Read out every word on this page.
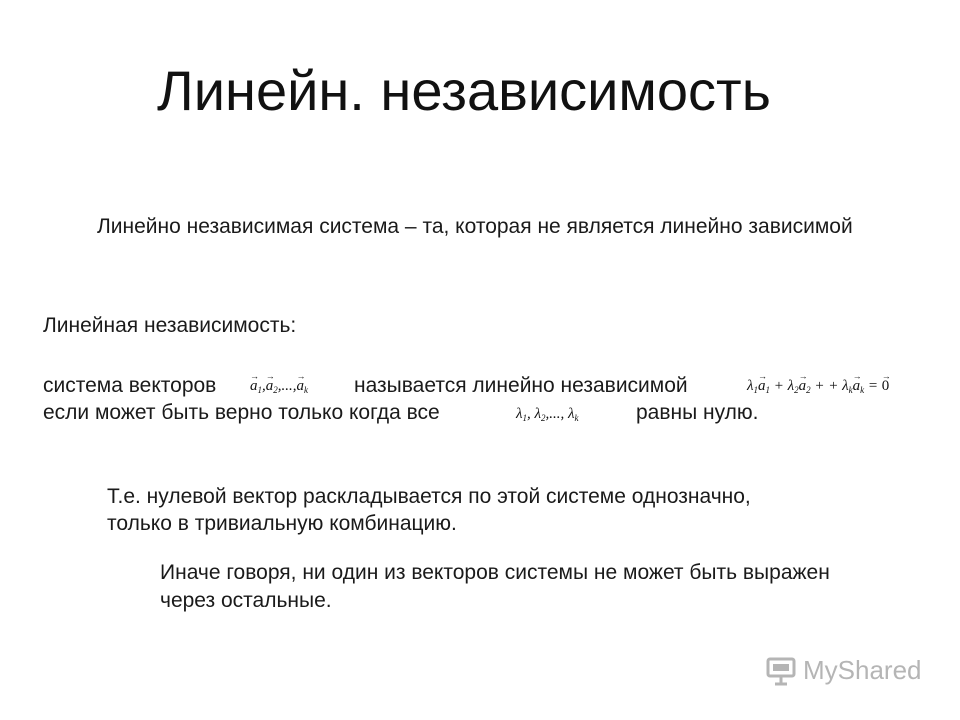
Линейн. независимость
Линейно независимая система – та, которая не является линейно зависимой
Линейная независимость:
система векторов
→ $a_1,\to a_2,...,\to a_k$ называется линейно независимой	$\lambda_1\to a_1 + \lambda_2\to a_2$ + + $\lambda_k\to a_k$ = → 0
если может быть верно только когда все	$\lambda_1$, $\lambda_2$,..., $\lambda_k$	равны нулю.
Т.е. нулевой вектор раскладывается по этой системе однозначно,
только в тривиальную комбинацию.
Иначе говоря, ни один из векторов системы не может быть выражен
через остальные.
MyShared
